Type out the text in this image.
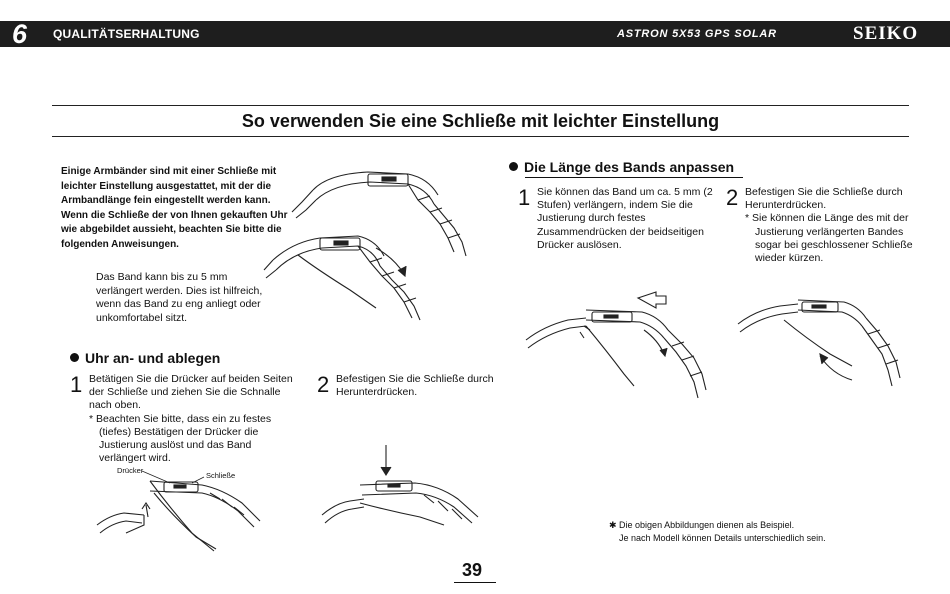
6 QUALITÄTSERHALTUNG	ASTRON 5X53 GPS SOLAR	SEIKO
So verwenden Sie eine Schließe mit leichter Einstellung
Einige Armbänder sind mit einer Schließe mit leichter Einstellung ausgestattet, mit der die Armbandlänge fein eingestellt werden kann. Wenn die Schließe der von Ihnen gekauften Uhr wie abgebildet aussieht, beachten Sie bitte die folgenden Anweisungen.
Das Band kann bis zu 5 mm verlängert werden. Dies ist hilfreich, wenn das Band zu eng anliegt oder unkomfortabel sitzt.
Uhr an- und ablegen
1 Betätigen Sie die Drücker auf beiden Seiten der Schließe und ziehen Sie die Schnalle nach oben.
* Beachten Sie bitte, dass ein zu festes (tiefes) Bestätigen der Drücker die Justierung auslöst und das Band verlängert wird.
2 Befestigen Sie die Schließe durch Herunterdrücken.
Drücker
Schließe
Die Länge des Bands anpassen
1 Sie können das Band um ca. 5 mm (2 Stufen) verlängern, indem Sie die Justierung durch festes Zusammendrücken der beidseitigen Drücker auslösen.
2 Befestigen Sie die Schließe durch Herunterdrücken.
* Sie können die Länge des mit der Justierung verlängerten Bandes sogar bei geschlossener Schließe wieder kürzen.
✱ Die obigen Abbildungen dienen als Beispiel.
Je nach Modell können Details unterschiedlich sein.
39
